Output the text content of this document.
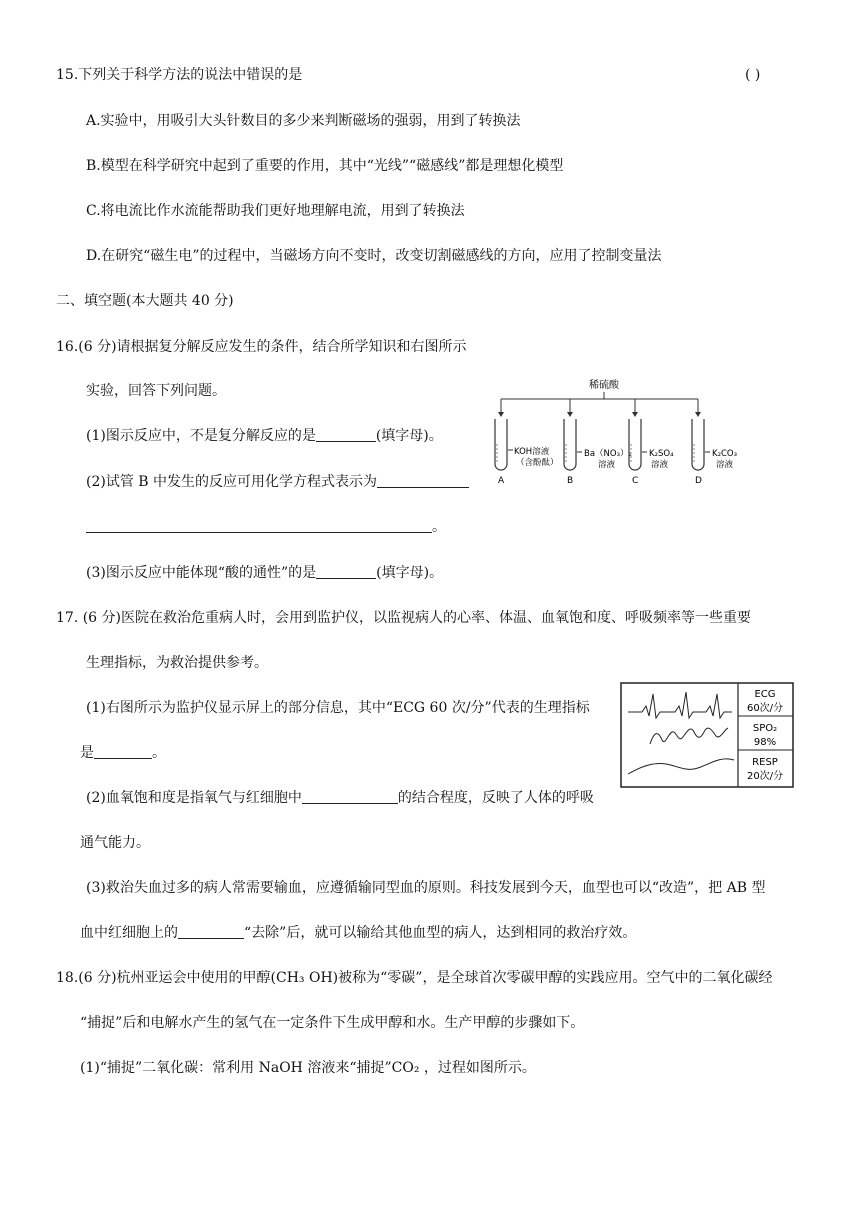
15.下列关于科学方法的说法中错误的是	( )
A.实验中，用吸引大头针数目的多少来判断磁场的强弱，用到了转换法
B.模型在科学研究中起到了重要的作用，其中“光线”“磁感线”都是理想化模型
C.将电流比作水流能帮助我们更好地理解电流，用到了转换法
D.在研究“磁生电”的过程中，当磁场方向不变时，改变切割磁感线的方向，应用了控制变量法
二、填空题(本大题共 40 分)
16.(6 分)请根据复分解反应发生的条件，结合所学知识和右图所示
实验，回答下列问题。
(1)图示反应中，不是复分解反应的是	(填字母)。
(2)试管 B 中发生的反应可用化学方程式表示为
。
(3)图示反应中能体现“酸的通性”的是	(填字母)。
稀硫酸
KOH溶液
（含酚酞）
A
Ba（NO₃）₂
溶液
B
K₂SO₄
溶液
C
K₂CO₃
溶液
D
17. (6 分)医院在救治危重病人时，会用到监护仪，以监视病人的心率、体温、血氧饱和度、呼吸频率等一些重要
生理指标，为救治提供参考。
(1)右图所示为监护仪显示屏上的部分信息，其中“ECG 60 次/分”代表的生理指标
是	。
(2)血氧饱和度是指氧气与红细胞中	的结合程度，反映了人体的呼吸
通气能力。
(3)救治失血过多的病人常需要输血，应遵循输同型血的原则。科技发展到今天，血型也可以“改造”，把 AB 型
血中红细胞上的	“去除”后，就可以输给其他血型的病人，达到相同的救治疗效。
ECG
60次/分
SPO₂
98%
RESP
20次/分
18.(6 分)杭州亚运会中使用的甲醇(CH₃ OH)被称为“零碳”，是全球首次零碳甲醇的实践应用。空气中的二氧化碳经
“捕捉”后和电解水产生的氢气在一定条件下生成甲醇和水。生产甲醇的步骤如下。
(1)“捕捉”二氧化碳：常利用 NaOH 溶液来“捕捉”CO₂ ，过程如图所示。
